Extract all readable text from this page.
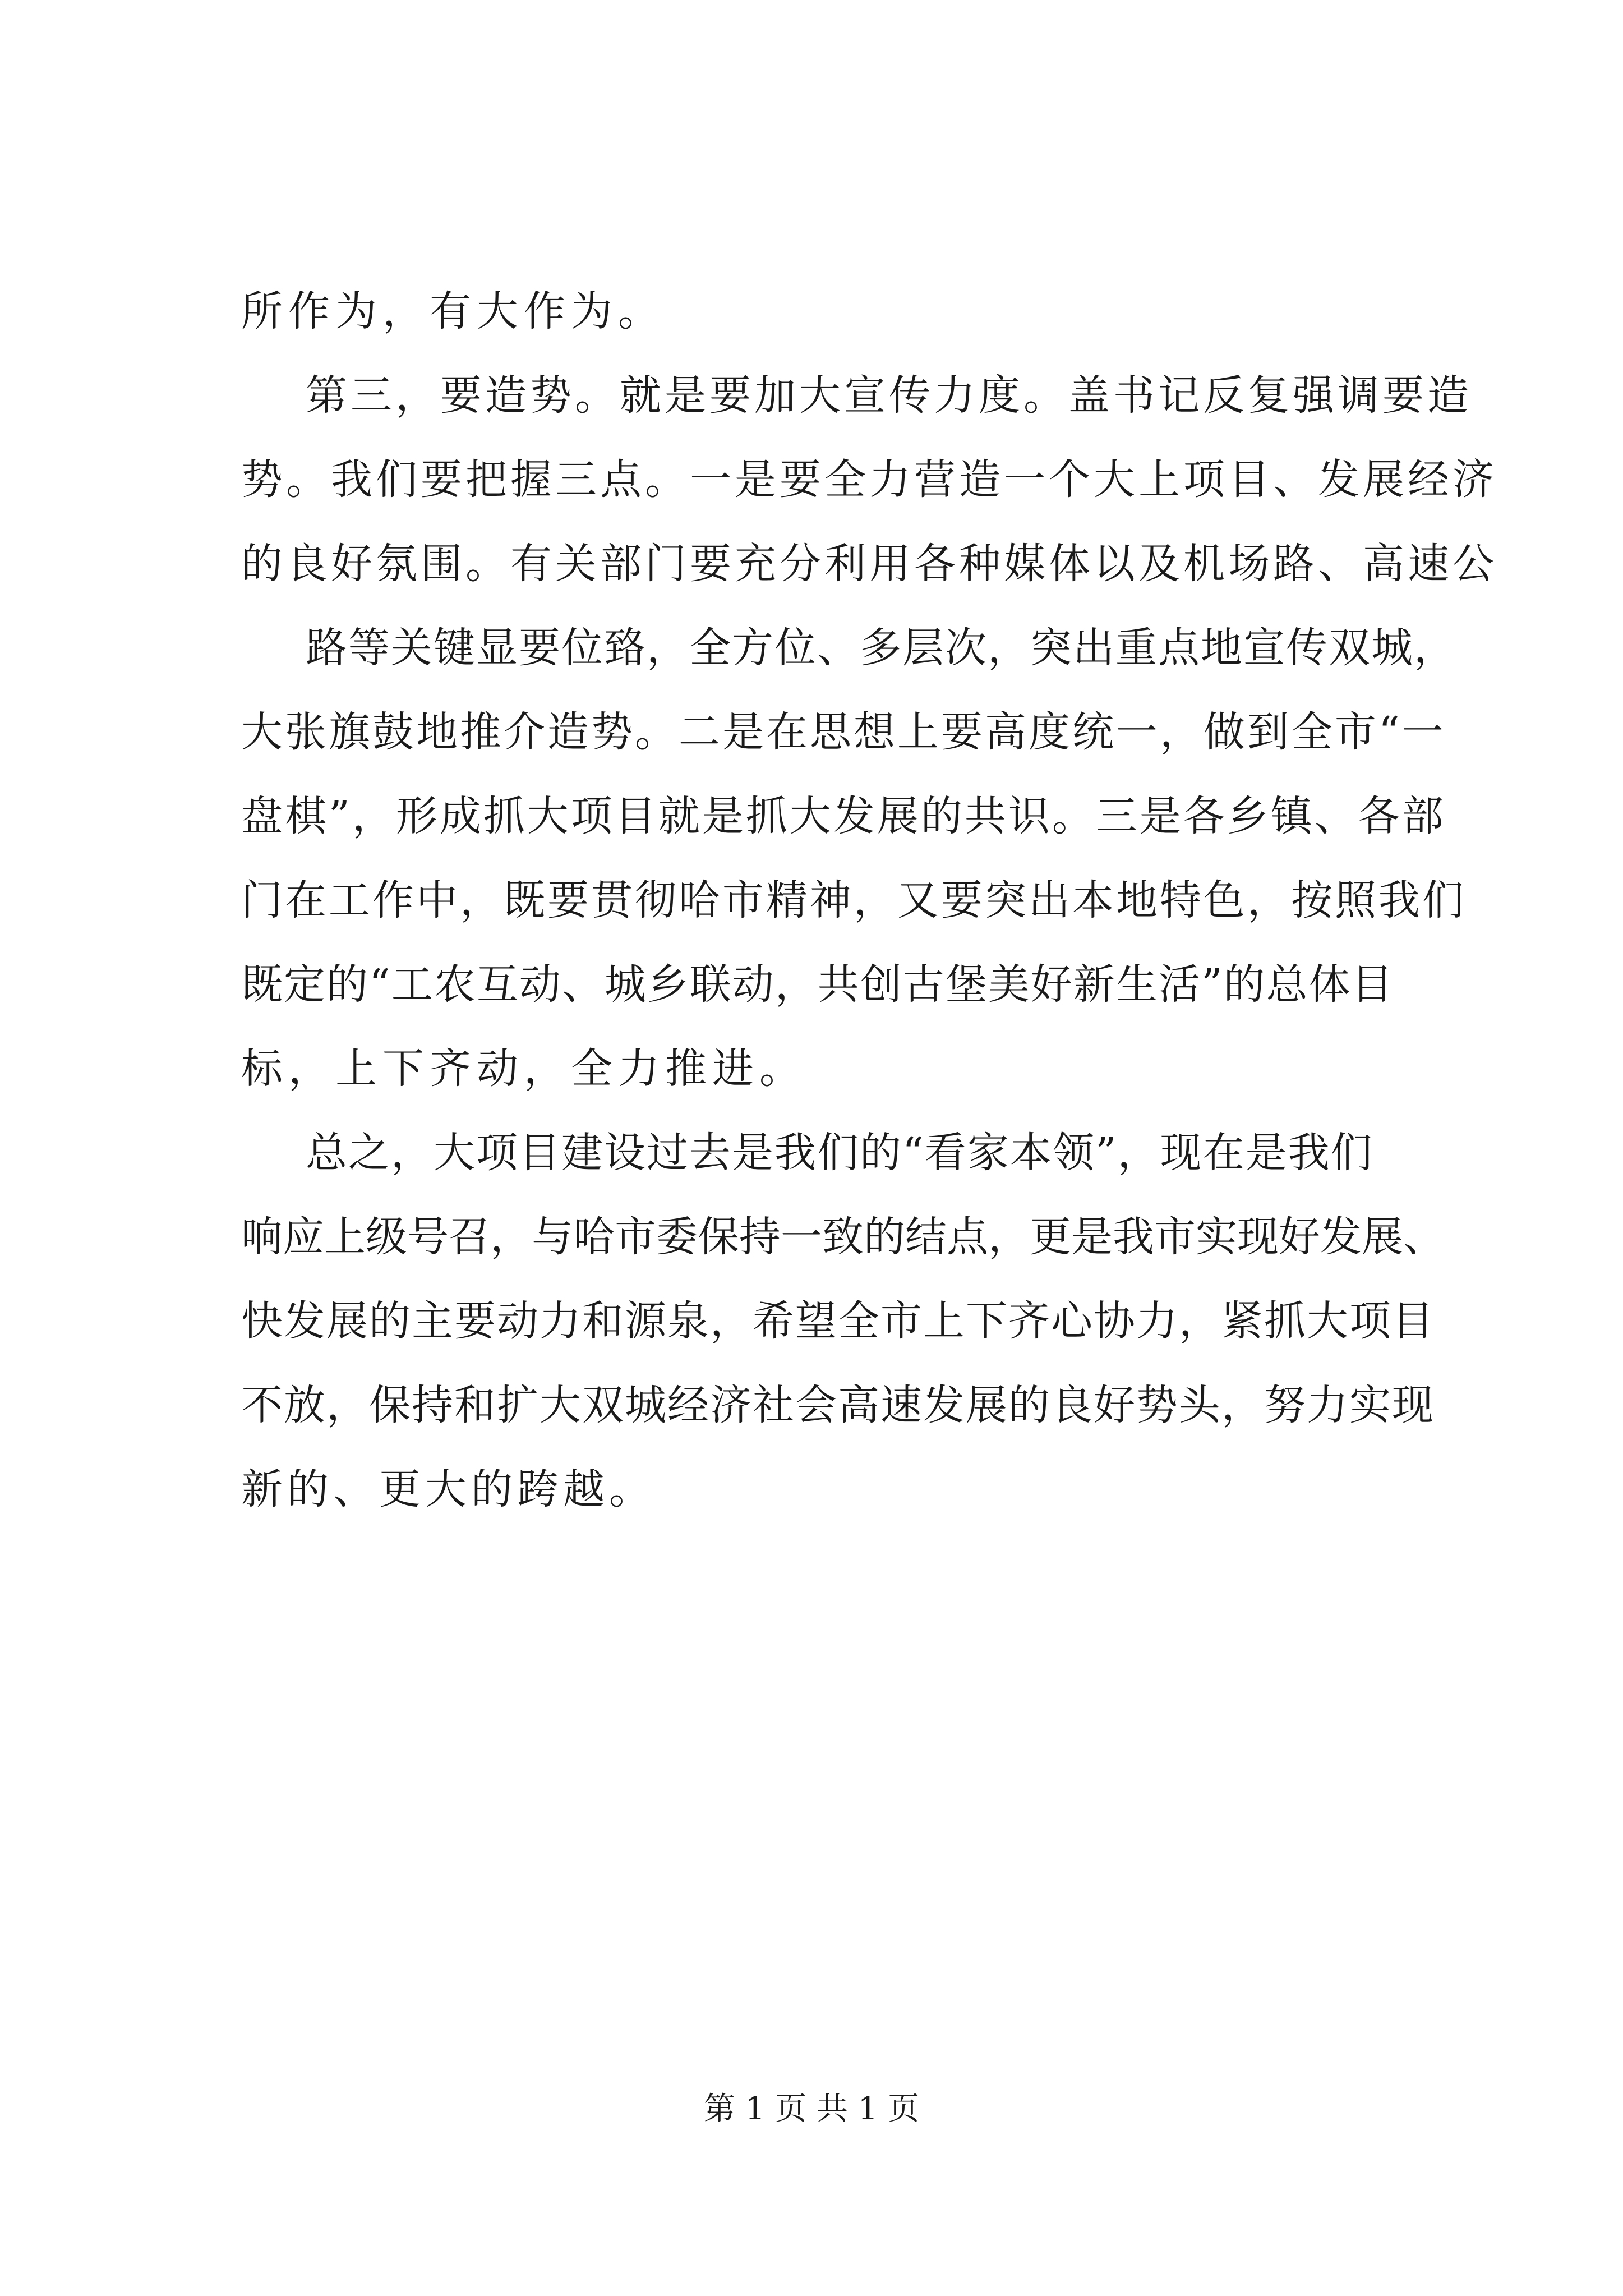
所作为，有大作为。
第三，要造势。就是要加大宣传力度。盖书记反复强调要造
势。我们要把握三点。一是要全力营造一个大上项目、发展经济
的良好氛围。有关部门要充分利用各种媒体以及机场路、高速公
路等关键显要位臵，全方位、多层次，突出重点地宣传双城，
大张旗鼓地推介造势。二是在思想上要高度统一，做到全市“一
盘棋”，形成抓大项目就是抓大发展的共识。三是各乡镇、各部
门在工作中，既要贯彻哈市精神，又要突出本地特色，按照我们
既定的“工农互动、城乡联动，共创古堡美好新生活”的总体目
标，上下齐动，全力推进。
总之，大项目建设过去是我们的“看家本领”，现在是我们
响应上级号召，与哈市委保持一致的结点，更是我市实现好发展、
快发展的主要动力和源泉，希望全市上下齐心协力，紧抓大项目
不放，保持和扩大双城经济社会高速发展的良好势头，努力实现
新的、更大的跨越。
第 1 页 共 1 页
